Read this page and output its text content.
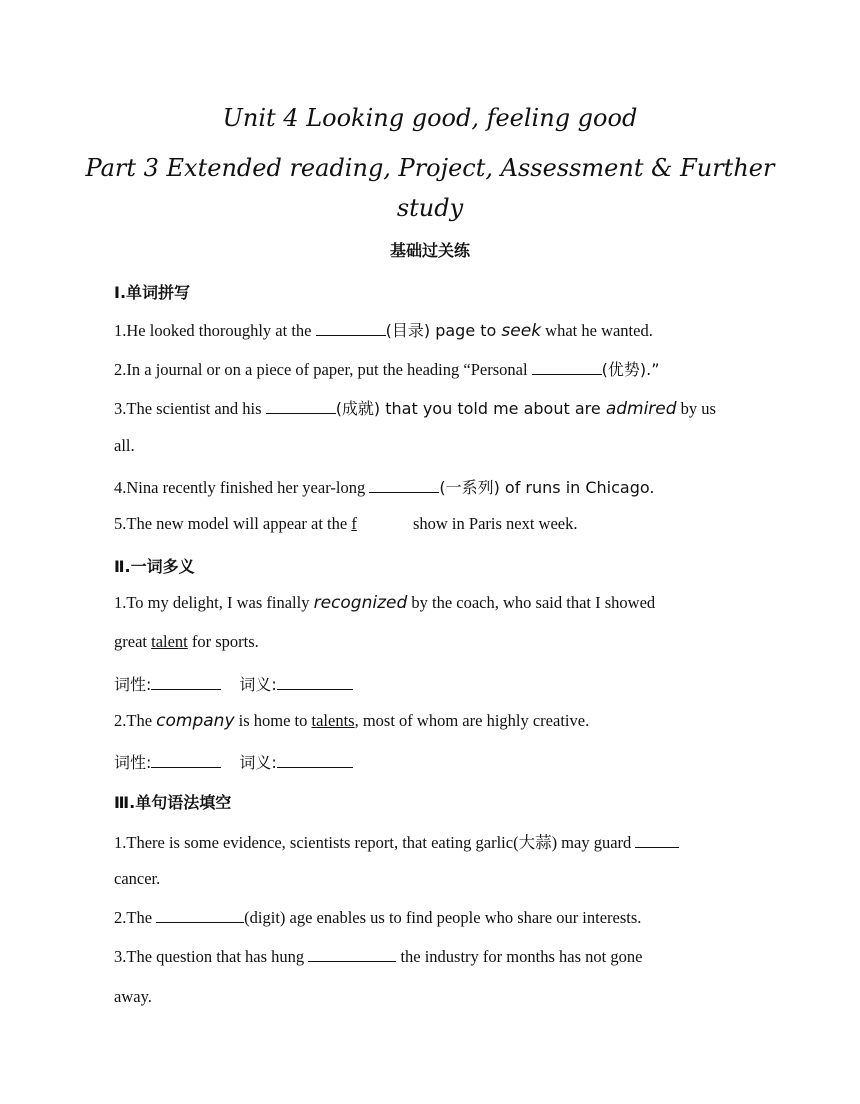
Unit 4 Looking good, feeling good
Part 3 Extended reading, Project, Assessment & Further
study
基础过关练
Ⅰ.单词拼写
1.He looked thoroughly at the	(目录) page to seek what he wanted.
2.In a journal or on a piece of paper, put the heading “Personal	(优势).”
3.The scientist and his	(成就) that you told me about are admired by us
all.
4.Nina recently finished her year-long	(一系列) of runs in Chicago.
5.The new model will appear at the f	show in Paris next week.
Ⅱ.一词多义
1.To my delight, I was finally recognized by the coach, who said that I showed
great talent for sports.
词性:	词义:
2.The company is home to talents, most of whom are highly creative.
词性:	词义:
Ⅲ.单句语法填空
1.There is some evidence, scientists report, that eating garlic(大蒜) may guard
cancer.
2.The	(digit) age enables us to find people who share our interests.
3.The question that has hung	the industry for months has not gone
away.
